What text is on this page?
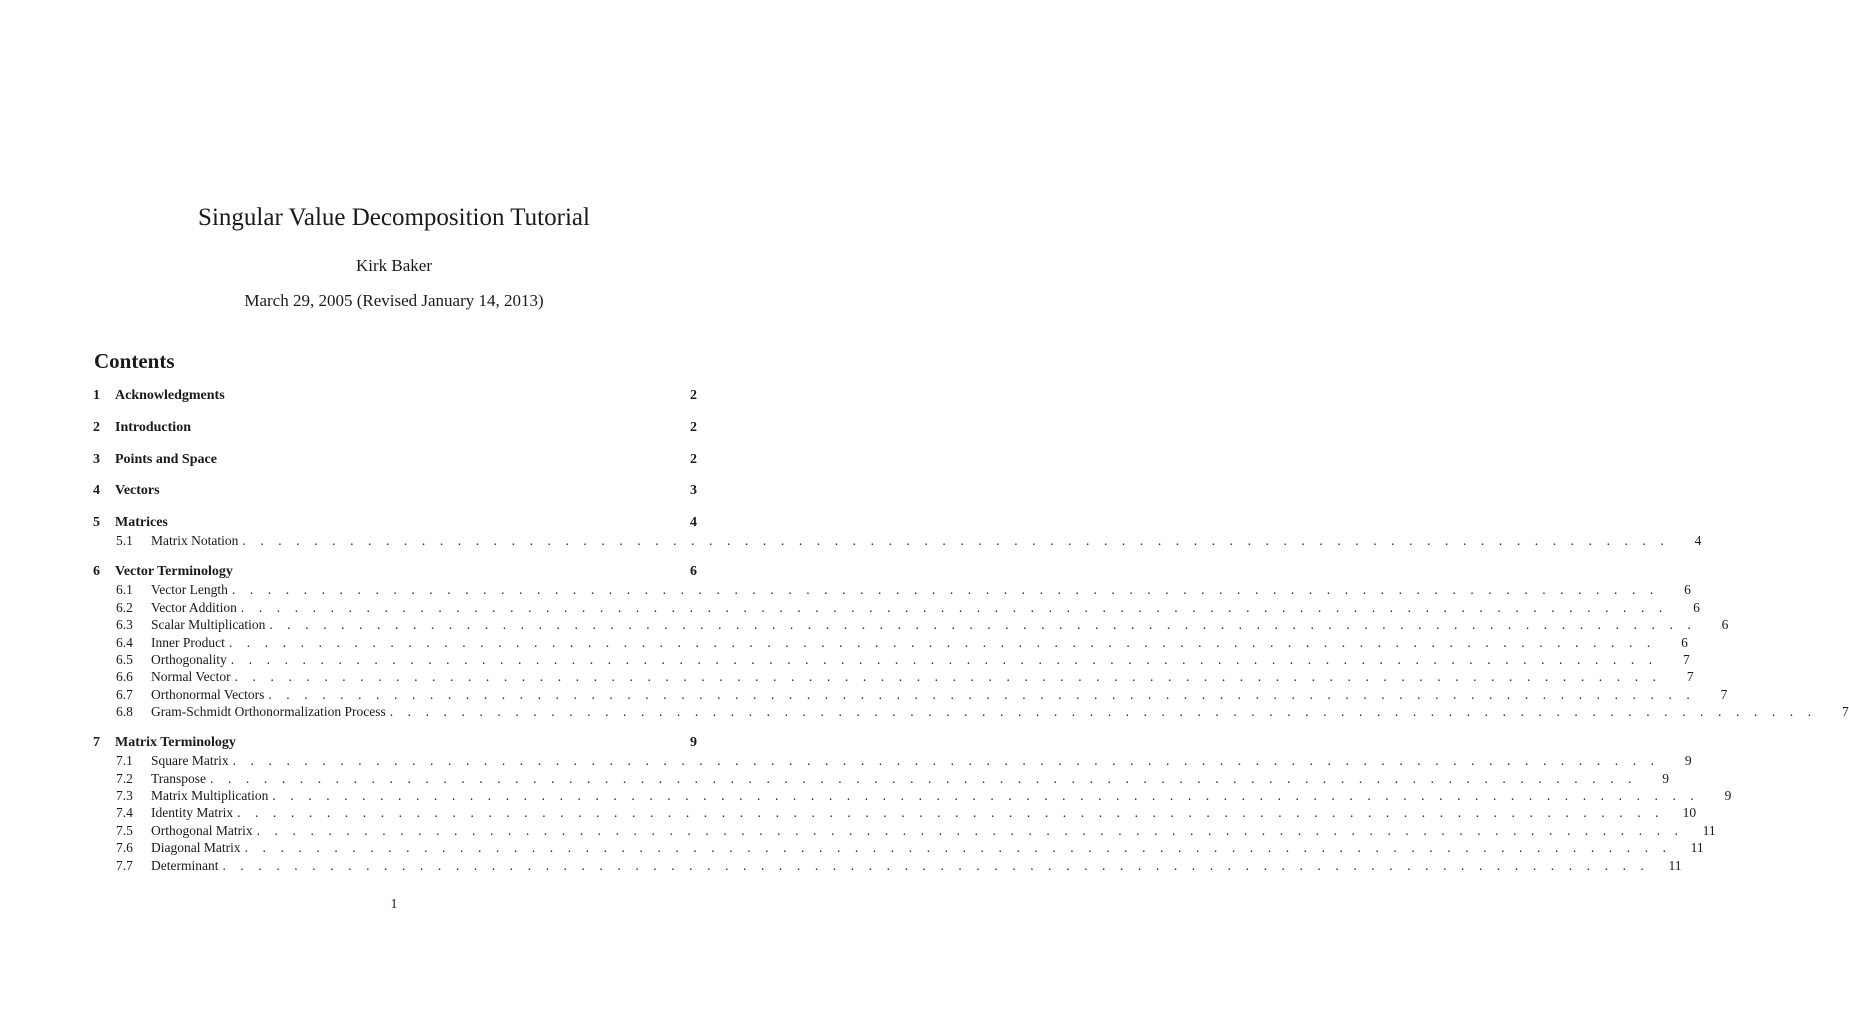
Singular Value Decomposition Tutorial
Kirk Baker
March 29, 2005 (Revised January 14, 2013)
Contents
1	Acknowledgments	2
2	Introduction	2
3	Points and Space	2
4	Vectors	3
5	Matrices	4
5.1	Matrix Notation . . . . . . . . . . . . . . . . . . . . . . . . . . . . . . . . . . . . . . . . . . . . . . . . . . . . . . . . . . . . . . . . . . . . . . . . . . . . . . . .	4
6	Vector Terminology	6
6.1	Vector Length . . . . . . . . . . . . . . . . . . . . . . . . . . . . . . . . . . . . . . . . . . . . . . . . . . . . . . . . . . . . . . . . . . . . . . . . . . . . . . . .	6
6.2	Vector Addition . . . . . . . . . . . . . . . . . . . . . . . . . . . . . . . . . . . . . . . . . . . . . . . . . . . . . . . . . . . . . . . . . . . . . . . . . . . . . . . .	6
6.3	Scalar Multiplication . . . . . . . . . . . . . . . . . . . . . . . . . . . . . . . . . . . . . . . . . . . . . . . . . . . . . . . . . . . . . . . . . . . . . . . . . . . . . . . .	6
6.4	Inner Product . . . . . . . . . . . . . . . . . . . . . . . . . . . . . . . . . . . . . . . . . . . . . . . . . . . . . . . . . . . . . . . . . . . . . . . . . . . . . . . .	6
6.5	Orthogonality . . . . . . . . . . . . . . . . . . . . . . . . . . . . . . . . . . . . . . . . . . . . . . . . . . . . . . . . . . . . . . . . . . . . . . . . . . . . . . . .	7
6.6	Normal Vector . . . . . . . . . . . . . . . . . . . . . . . . . . . . . . . . . . . . . . . . . . . . . . . . . . . . . . . . . . . . . . . . . . . . . . . . . . . . . . . .	7
6.7	Orthonormal Vectors . . . . . . . . . . . . . . . . . . . . . . . . . . . . . . . . . . . . . . . . . . . . . . . . . . . . . . . . . . . . . . . . . . . . . . . . . . . . . . . .	7
6.8	Gram-Schmidt Orthonormalization Process . . . . . . . . . . . . . . . . . . . . . . . . . . . . . . . . . . . . . . . . . . . . . . . . . . . . . . . . . . . . . . . . . . . . . . . . . . . . . . . .	7
7	Matrix Terminology	9
7.1	Square Matrix . . . . . . . . . . . . . . . . . . . . . . . . . . . . . . . . . . . . . . . . . . . . . . . . . . . . . . . . . . . . . . . . . . . . . . . . . . . . . . . .	9
7.2	Transpose . . . . . . . . . . . . . . . . . . . . . . . . . . . . . . . . . . . . . . . . . . . . . . . . . . . . . . . . . . . . . . . . . . . . . . . . . . . . . . . .	9
7.3	Matrix Multiplication . . . . . . . . . . . . . . . . . . . . . . . . . . . . . . . . . . . . . . . . . . . . . . . . . . . . . . . . . . . . . . . . . . . . . . . . . . . . . . . .	9
7.4	Identity Matrix . . . . . . . . . . . . . . . . . . . . . . . . . . . . . . . . . . . . . . . . . . . . . . . . . . . . . . . . . . . . . . . . . . . . . . . . . . . . . . . .	10
7.5	Orthogonal Matrix . . . . . . . . . . . . . . . . . . . . . . . . . . . . . . . . . . . . . . . . . . . . . . . . . . . . . . . . . . . . . . . . . . . . . . . . . . . . . . . .	11
7.6	Diagonal Matrix . . . . . . . . . . . . . . . . . . . . . . . . . . . . . . . . . . . . . . . . . . . . . . . . . . . . . . . . . . . . . . . . . . . . . . . . . . . . . . . .	11
7.7	Determinant . . . . . . . . . . . . . . . . . . . . . . . . . . . . . . . . . . . . . . . . . . . . . . . . . . . . . . . . . . . . . . . . . . . . . . . . . . . . . . . .	11
1
